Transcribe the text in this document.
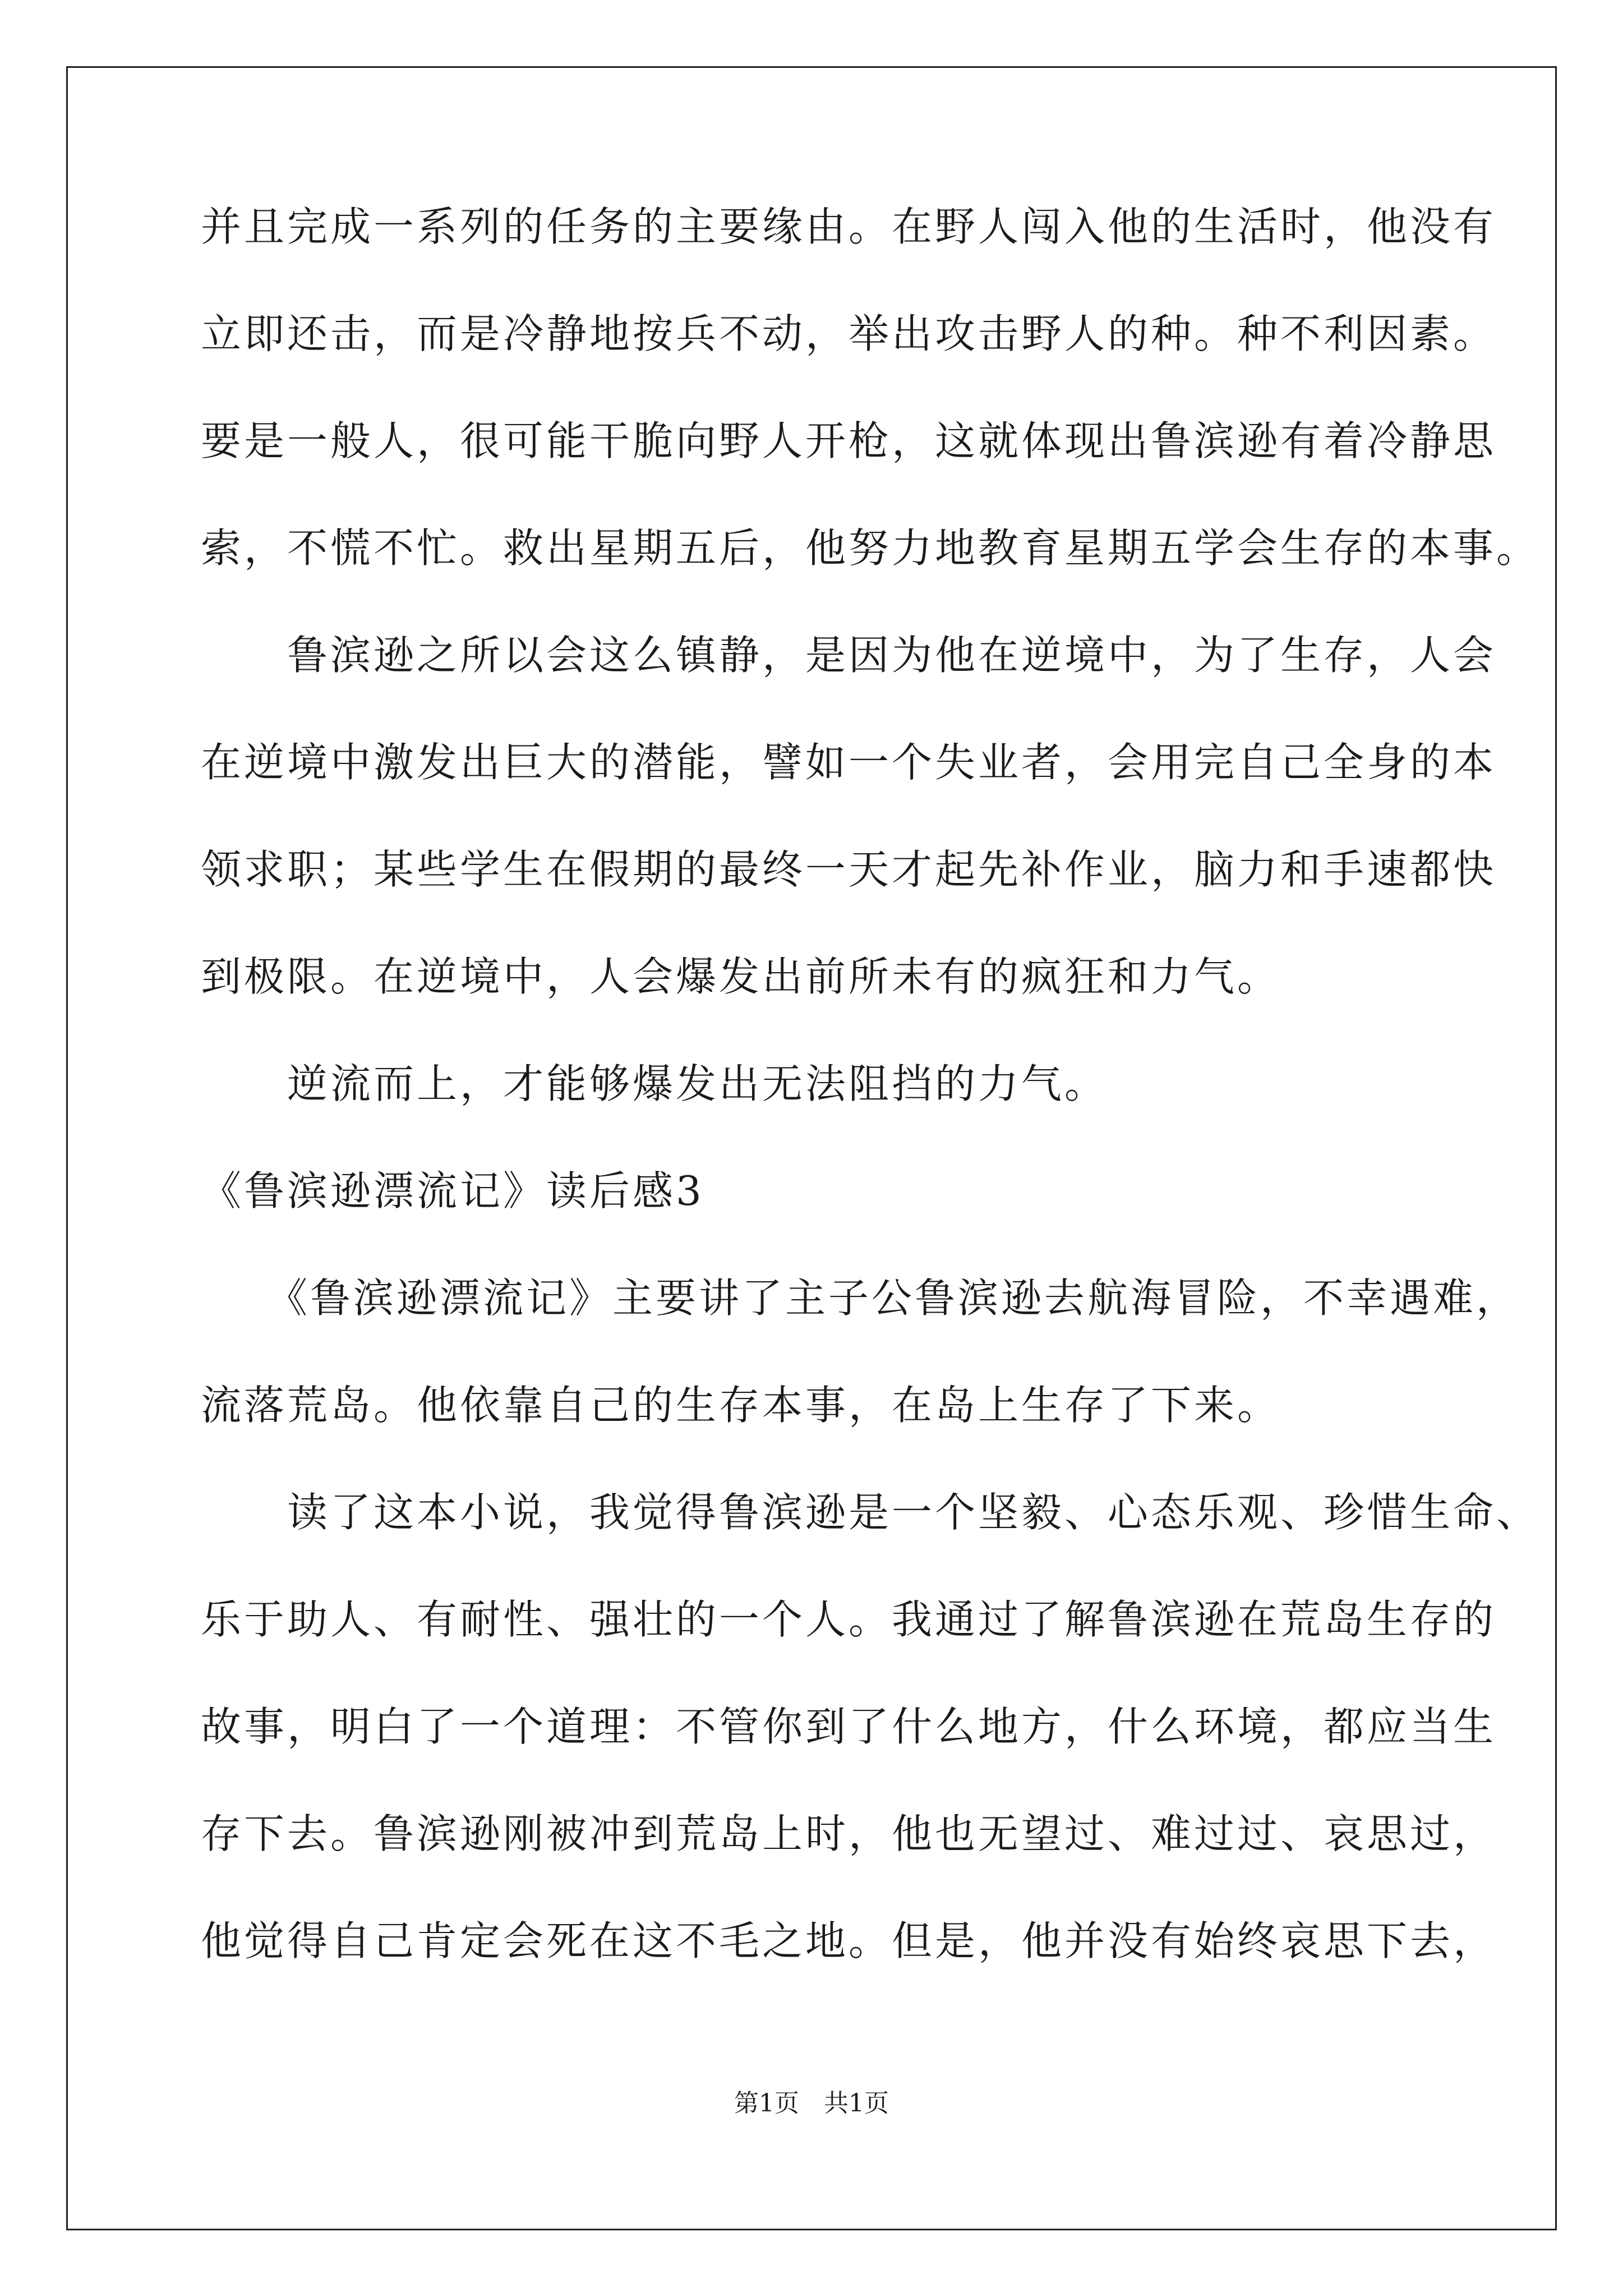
并且完成一系列的任务的主要缘由。在野人闯入他的生活时，他没有

立即还击，而是冷静地按兵不动，举出攻击野人的种。种不利因素。

要是一般人，很可能干脆向野人开枪，这就体现出鲁滨逊有着冷静思

索，不慌不忙。救出星期五后，他努力地教育星期五学会生存的本事。

　　鲁滨逊之所以会这么镇静，是因为他在逆境中，为了生存，人会

在逆境中激发出巨大的潜能，譬如一个失业者，会用完自己全身的本

领求职；某些学生在假期的最终一天才起先补作业，脑力和手速都快

到极限。在逆境中，人会爆发出前所未有的疯狂和力气。

　　逆流而上，才能够爆发出无法阻挡的力气。

《鲁滨逊漂流记》读后感3

　　《鲁滨逊漂流记》主要讲了主子公鲁滨逊去航海冒险，不幸遇难，

流落荒岛。他依靠自己的生存本事，在岛上生存了下来。

　　读了这本小说，我觉得鲁滨逊是一个坚毅、心态乐观、珍惜生命、

乐于助人、有耐性、强壮的一个人。我通过了解鲁滨逊在荒岛生存的

故事，明白了一个道理：不管你到了什么地方，什么环境，都应当生

存下去。鲁滨逊刚被冲到荒岛上时，他也无望过、难过过、哀思过，

他觉得自己肯定会死在这不毛之地。但是，他并没有始终哀思下去，

第1页　共1页
